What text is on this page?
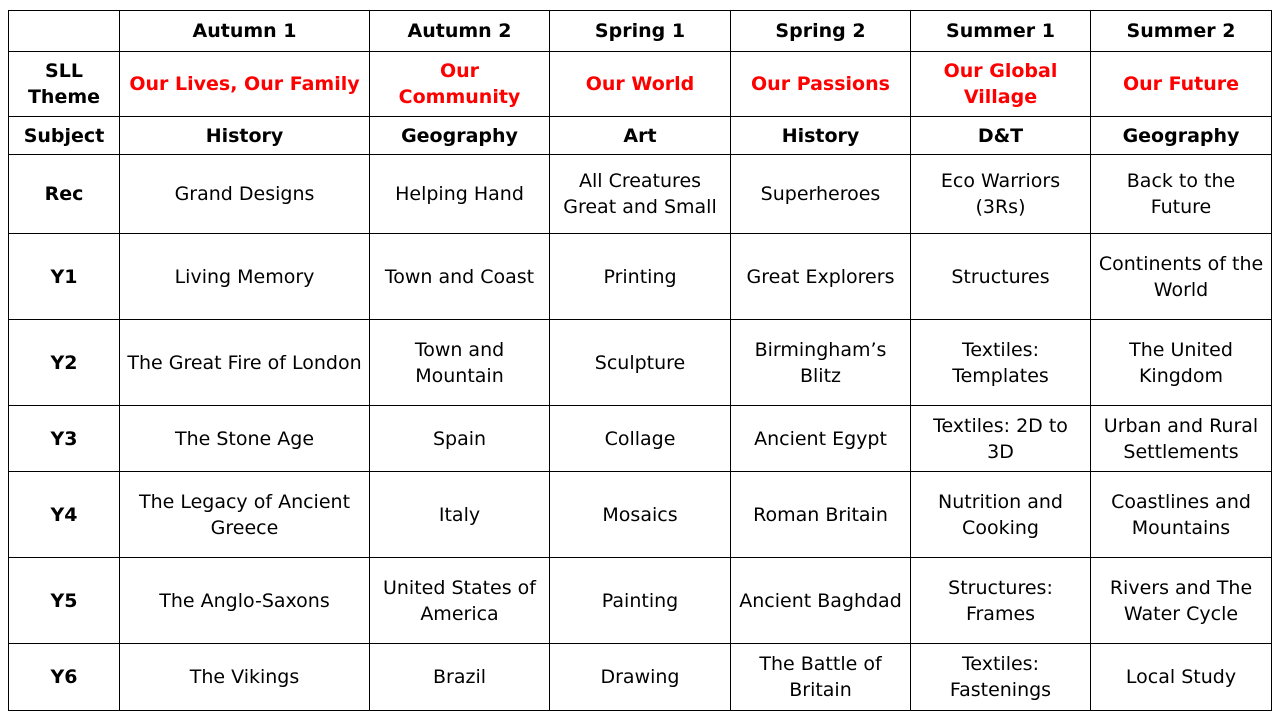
	Autumn 1	Autumn 2	Spring 1	Spring 2	Summer 1	Summer 2
SLL Theme	Our Lives, Our Family	Our Community	Our World	Our Passions	Our Global Village	Our Future
Subject	History	Geography	Art	History	D&T	Geography
Rec	Grand Designs	Helping Hand	All Creatures Great and Small	Superheroes	Eco Warriors (3Rs)	Back to the Future
Y1	Living Memory	Town and Coast	Printing	Great Explorers	Structures	Continents of the World
Y2	The Great Fire of London	Town and Mountain	Sculpture	Birmingham’s Blitz	Textiles: Templates	The United Kingdom
Y3	The Stone Age	Spain	Collage	Ancient Egypt	Textiles: 2D to 3D	Urban and Rural Settlements
Y4	The Legacy of Ancient Greece	Italy	Mosaics	Roman Britain	Nutrition and Cooking	Coastlines and Mountains
Y5	The Anglo-Saxons	United States of America	Painting	Ancient Baghdad	Structures: Frames	Rivers and The Water Cycle
Y6	The Vikings	Brazil	Drawing	The Battle of Britain	Textiles: Fastenings	Local Study
